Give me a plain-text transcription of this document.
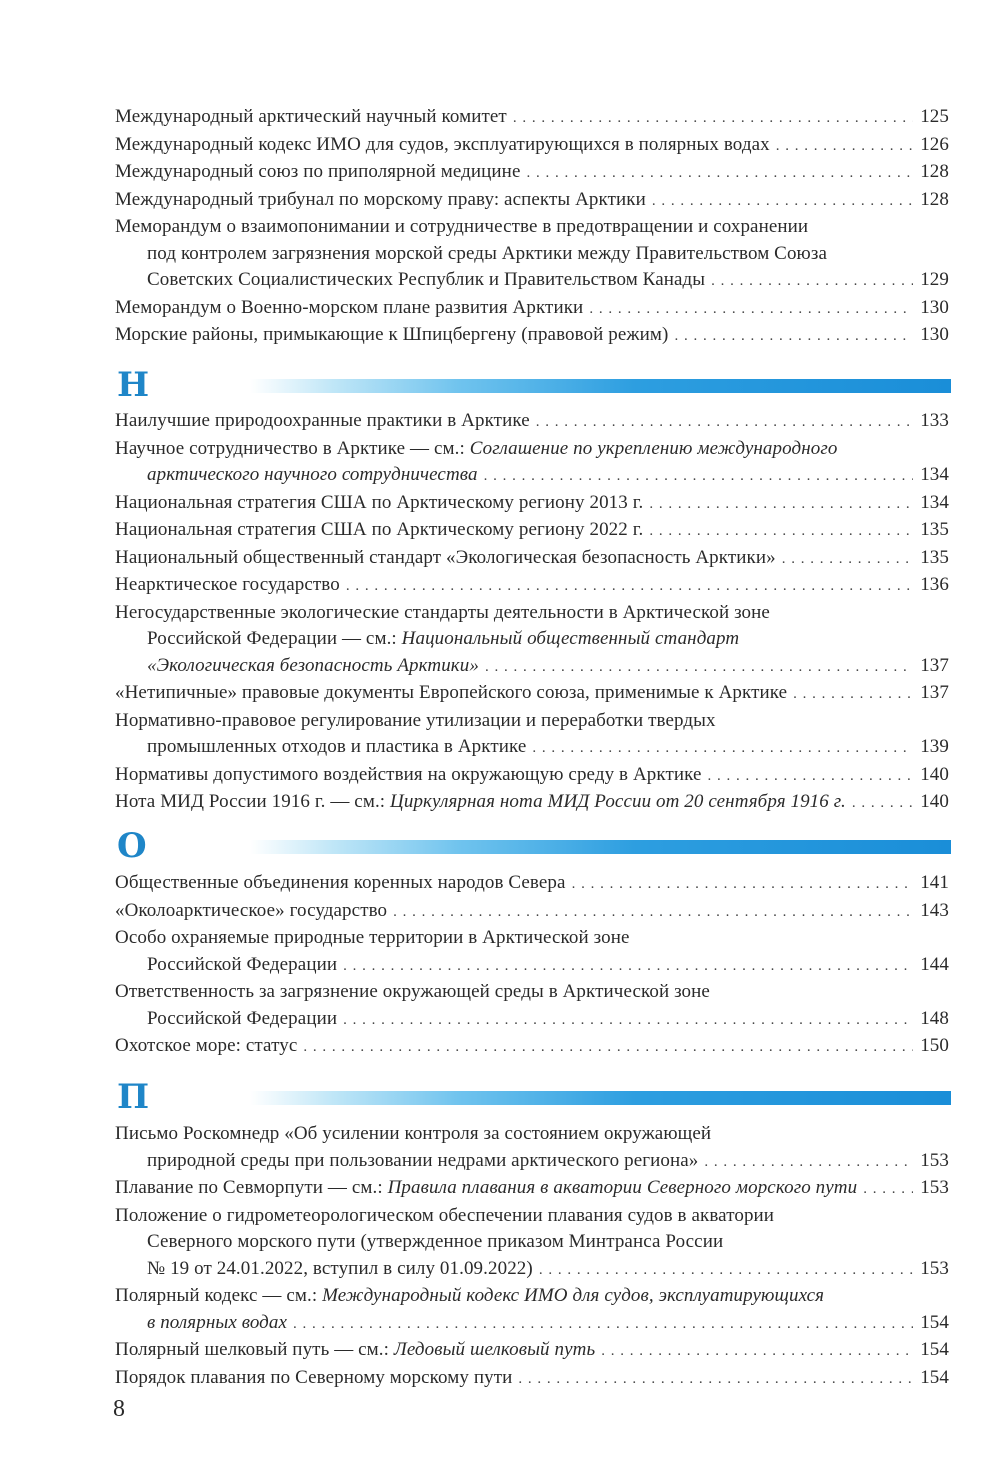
Международный арктический научный комитет . . .	125
Международный кодекс ИМО для судов, эксплуатирующихся в полярных водах . . .	126
Международный союз по приполярной медицине . . .	128
Международный трибунал по морскому праву: аспекты Арктики . . .	128
Меморандум о взаимопонимании и сотрудничестве в предотвращении и сохранении
под контролем загрязнения морской среды Арктики между Правительством Союза
Советских Социалистических Республик и Правительством Канады . . .	129
Меморандум о Военно-морском плане развития Арктики . . .	130
Морские районы, примыкающие к Шпицбергену (правовой режим) . . .	130
Н
Наилучшие природоохранные практики в Арктике . . .	133
Научное сотрудничество в Арктике — см.: Соглашение по укреплению международного
арктического научного сотрудничества . . .	134
Национальная стратегия США по Арктическому региону 2013 г. . . .	134
Национальная стратегия США по Арктическому региону 2022 г. . . .	135
Национальный общественный стандарт «Экологическая безопасность Арктики» . . .	135
Неарктическое государство . . .	136
Негосударственные экологические стандарты деятельности в Арктической зоне
Российской Федерации — см.: Национальный общественный стандарт
«Экологическая безопасность Арктики» . . .	137
«Нетипичные» правовые документы Европейского союза, применимые к Арктике . . .	137
Нормативно-правовое регулирование утилизации и переработки твердых
промышленных отходов и пластика в Арктике . . .	139
Нормативы допустимого воздействия на окружающую среду в Арктике . . .	140
Нота МИД России 1916 г. — см.: Циркулярная нота МИД России от 20 сентября 1916 г. . . .	140
О
Общественные объединения коренных народов Севера . . .	141
«Околоарктическое» государство . . .	143
Особо охраняемые природные территории в Арктической зоне
Российской Федерации . . .	144
Ответственность за загрязнение окружающей среды в Арктической зоне
Российской Федерации . . .	148
Охотское море: статус . . .	150
П
Письмо Роскомнедр «Об усилении контроля за состоянием окружающей
природной среды при пользовании недрами арктического региона» . . .	153
Плавание по Севморпути — см.: Правила плавания в акватории Северного морского пути . . .	153
Положение о гидрометеорологическом обеспечении плавания судов в акватории
Северного морского пути (утвержденное приказом Минтранса России
№ 19 от 24.01.2022, вступил в силу 01.09.2022) . . .	153
Полярный кодекс — см.: Международный кодекс ИМО для судов, эксплуатирующихся
в полярных водах . . .	154
Полярный шелковый путь — см.: Ледовый шелковый путь . . .	154
Порядок плавания по Северному морскому пути . . .	154
8
